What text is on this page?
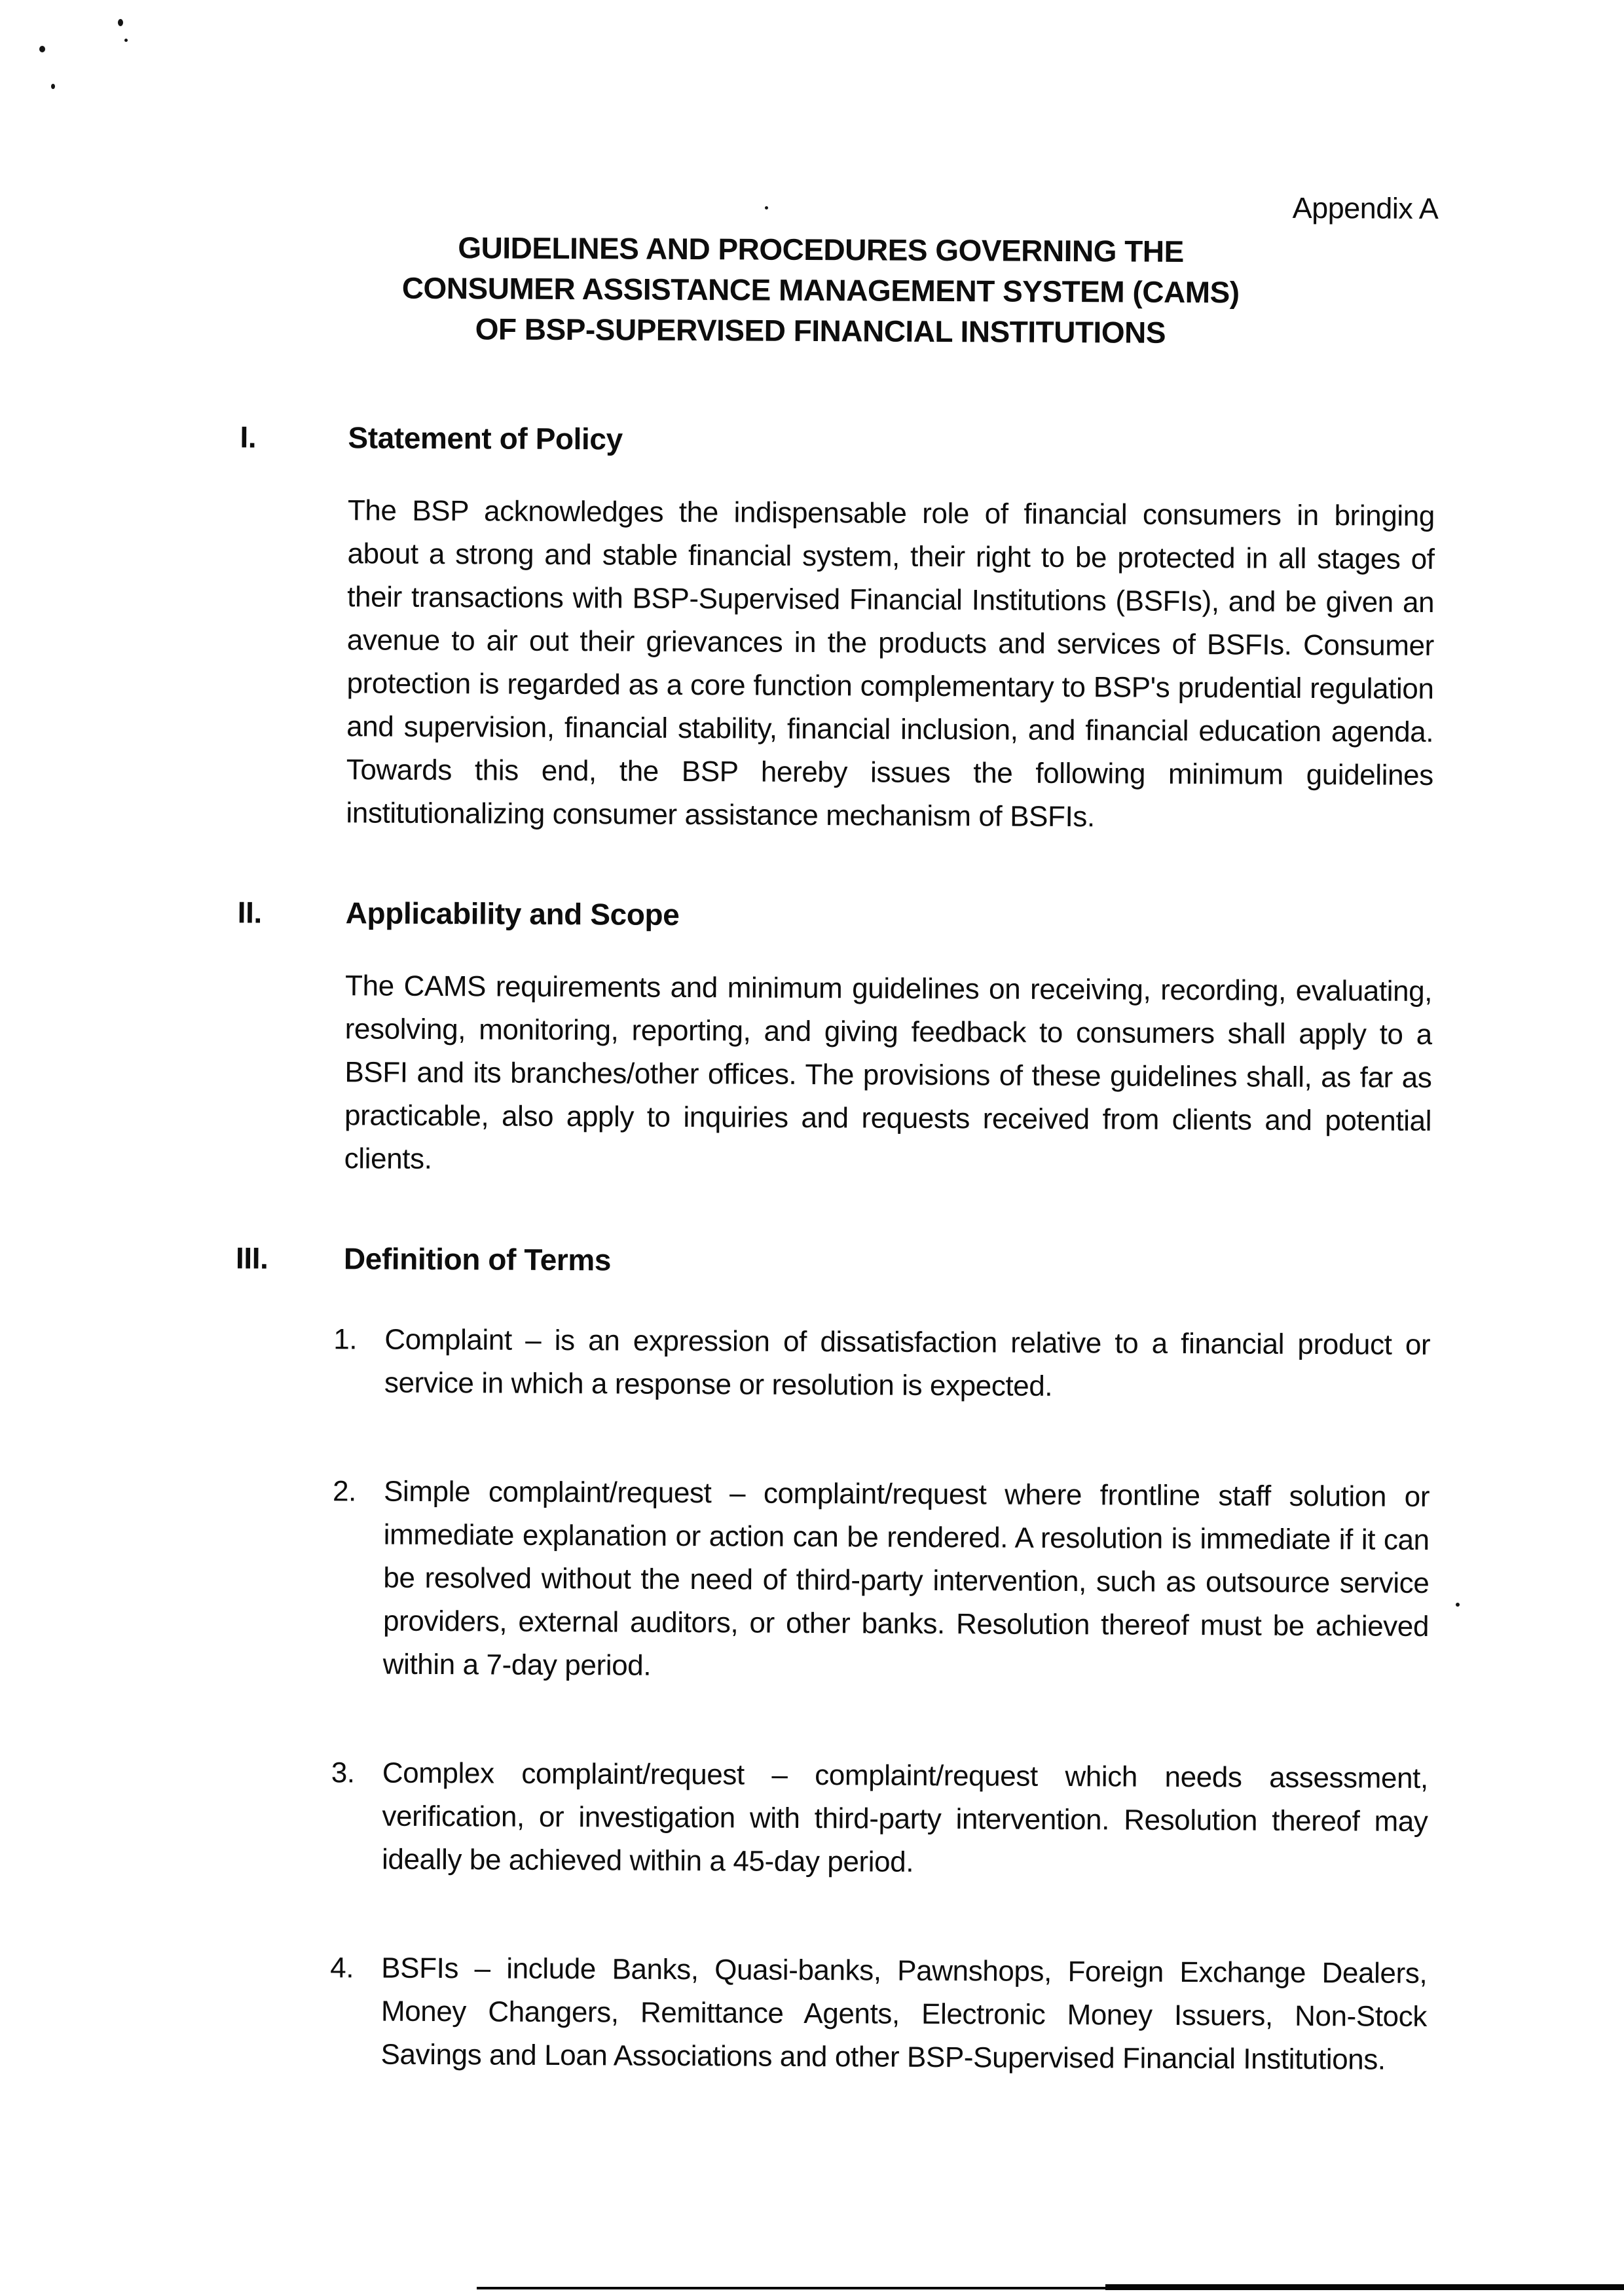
Appendix A
GUIDELINES AND PROCEDURES GOVERNING THE
CONSUMER ASSISTANCE MANAGEMENT SYSTEM (CAMS)
OF BSP-SUPERVISED FINANCIAL INSTITUTIONS
I.	Statement of Policy

The BSP acknowledges the indispensable role of financial consumers in bringing about a strong and stable financial system, their right to be protected in all stages of their transactions with BSP-Supervised Financial Institutions (BSFIs), and be given an avenue to air out their grievances in the products and services of BSFIs. Consumer protection is regarded as a core function complementary to BSP's prudential regulation and supervision, financial stability, financial inclusion, and financial education agenda. Towards this end, the BSP hereby issues the following minimum guidelines institutionalizing consumer assistance mechanism of BSFIs.

II.	Applicability and Scope

The CAMS requirements and minimum guidelines on receiving, recording, evaluating, resolving, monitoring, reporting, and giving feedback to consumers shall apply to a BSFI and its branches/other offices. The provisions of these guidelines shall, as far as practicable, also apply to inquiries and requests received from clients and potential clients.

III.	Definition of Terms
1. Complaint – is an expression of dissatisfaction relative to a financial product or service in which a response or resolution is expected.

2. Simple complaint/request – complaint/request where frontline staff solution or immediate explanation or action can be rendered. A resolution is immediate if it can be resolved without the need of third-party intervention, such as outsource service providers, external auditors, or other banks. Resolution thereof must be achieved within a 7-day period.

3. Complex complaint/request – complaint/request which needs assessment, verification, or investigation with third-party intervention. Resolution thereof may ideally be achieved within a 45-day period.

4. BSFIs – include Banks, Quasi-banks, Pawnshops, Foreign Exchange Dealers, Money Changers, Remittance Agents, Electronic Money Issuers, Non-Stock Savings and Loan Associations and other BSP-Supervised Financial Institutions.
